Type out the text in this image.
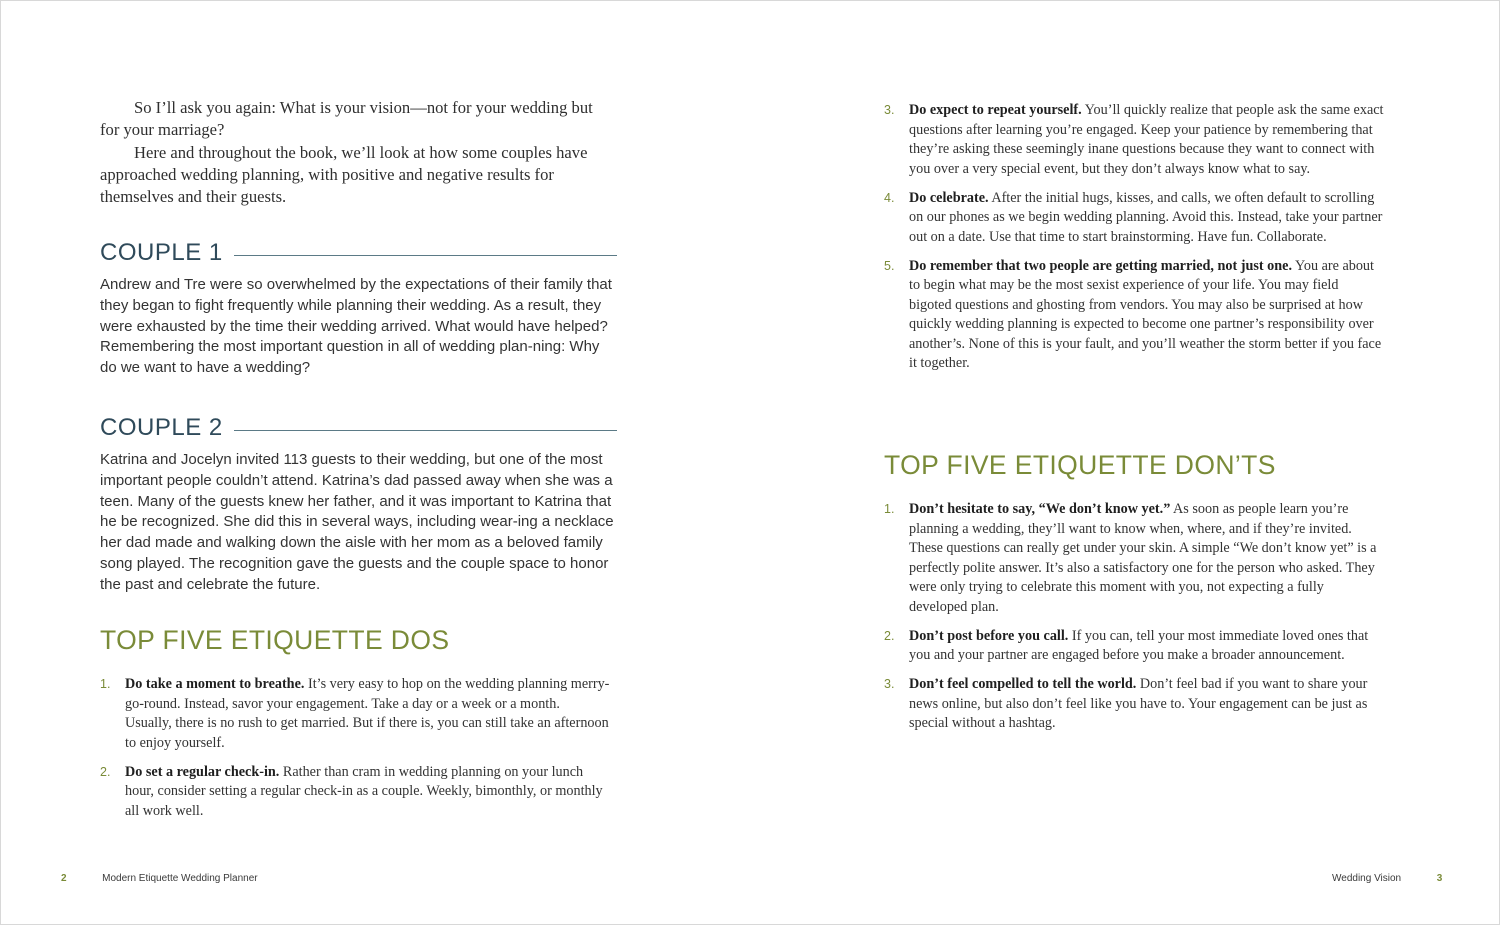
So I’ll ask you again: What is your vision—not for your wedding but for your marriage?

Here and throughout the book, we’ll look at how some couples have approached wedding planning, with positive and negative results for themselves and their guests.

COUPLE 1
Andrew and Tre were so overwhelmed by the expectations of their family that they began to fight frequently while planning their wedding. As a result, they were exhausted by the time their wedding arrived. What would have helped? Remembering the most important question in all of wedding plan-ning: Why do we want to have a wedding?
COUPLE 2
Katrina and Jocelyn invited 113 guests to their wedding, but one of the most important people couldn’t attend. Katrina’s dad passed away when she was a teen. Many of the guests knew her father, and it was important to Katrina that he be recognized. She did this in several ways, including wear-ing a necklace her dad made and walking down the aisle with her mom as a beloved family song played. The recognition gave the guests and the couple space to honor the past and celebrate the future.
TOP FIVE ETIQUETTE DOS
1. Do take a moment to breathe. It’s very easy to hop on the wedding planning merry-go-round. Instead, savor your engagement. Take a day or a week or a month. Usually, there is no rush to get married. But if there is, you can still take an afternoon to enjoy yourself.
2. Do set a regular check-in. Rather than cram in wedding planning on your lunch hour, consider setting a regular check-in as a couple. Weekly, bimonthly, or monthly all work well.
2	Modern Etiquette Wedding Planner
3. Do expect to repeat yourself. You’ll quickly realize that people ask the same exact questions after learning you’re engaged. Keep your patience by remembering that they’re asking these seemingly inane questions because they want to connect with you over a very special event, but they don’t always know what to say.
4. Do celebrate. After the initial hugs, kisses, and calls, we often default to scrolling on our phones as we begin wedding planning. Avoid this. Instead, take your partner out on a date. Use that time to start brainstorming. Have fun. Collaborate.
5. Do remember that two people are getting married, not just one. You are about to begin what may be the most sexist experience of your life. You may field bigoted questions and ghosting from vendors. You may also be surprised at how quickly wedding planning is expected to become one partner’s responsibility over another’s. None of this is your fault, and you’ll weather the storm better if you face it together.
TOP FIVE ETIQUETTE DON’TS
1. Don’t hesitate to say, “We don’t know yet.” As soon as people learn you’re planning a wedding, they’ll want to know when, where, and if they’re invited. These questions can really get under your skin. A simple “We don’t know yet” is a perfectly polite answer. It’s also a satisfactory one for the person who asked. They were only trying to celebrate this moment with you, not expecting a fully developed plan.
2. Don’t post before you call. If you can, tell your most immediate loved ones that you and your partner are engaged before you make a broader announcement.
3. Don’t feel compelled to tell the world. Don’t feel bad if you want to share your news online, but also don’t feel like you have to. Your engagement can be just as special without a hashtag.
Wedding Vision	3
